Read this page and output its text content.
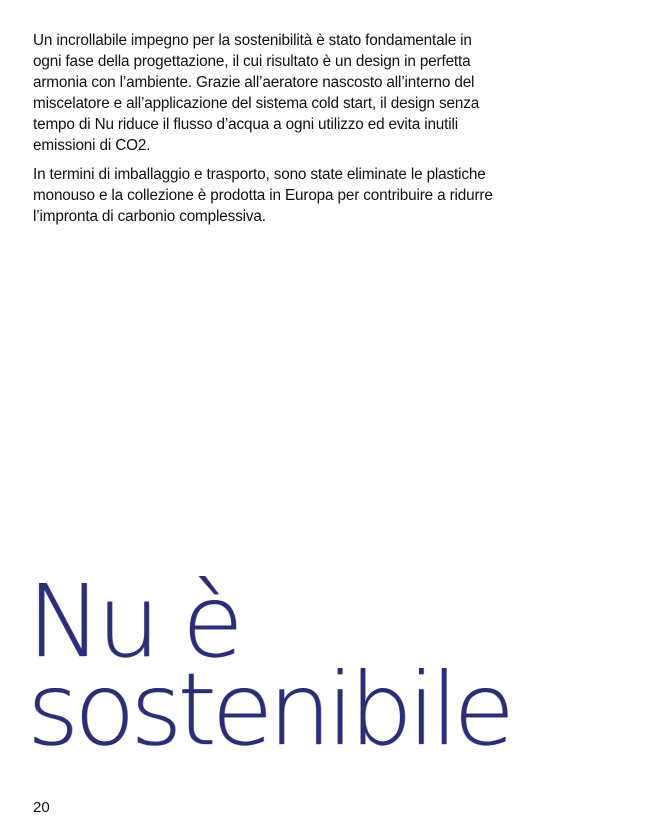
Un incrollabile impegno per la sostenibilità è stato fondamentale in
ogni fase della progettazione, il cui risultato è un design in perfetta
armonia con l’ambiente. Grazie all’aeratore nascosto all’interno del
miscelatore e all’applicazione del sistema cold start, il design senza
tempo di Nu riduce il flusso d’acqua a ogni utilizzo ed evita inutili
emissioni di CO2.

In termini di imballaggio e trasporto, sono state eliminate le plastiche
monouso e la collezione è prodotta in Europa per contribuire a ridurre
l’impronta di carbonio complessiva.

Nu è
sostenibile
20
